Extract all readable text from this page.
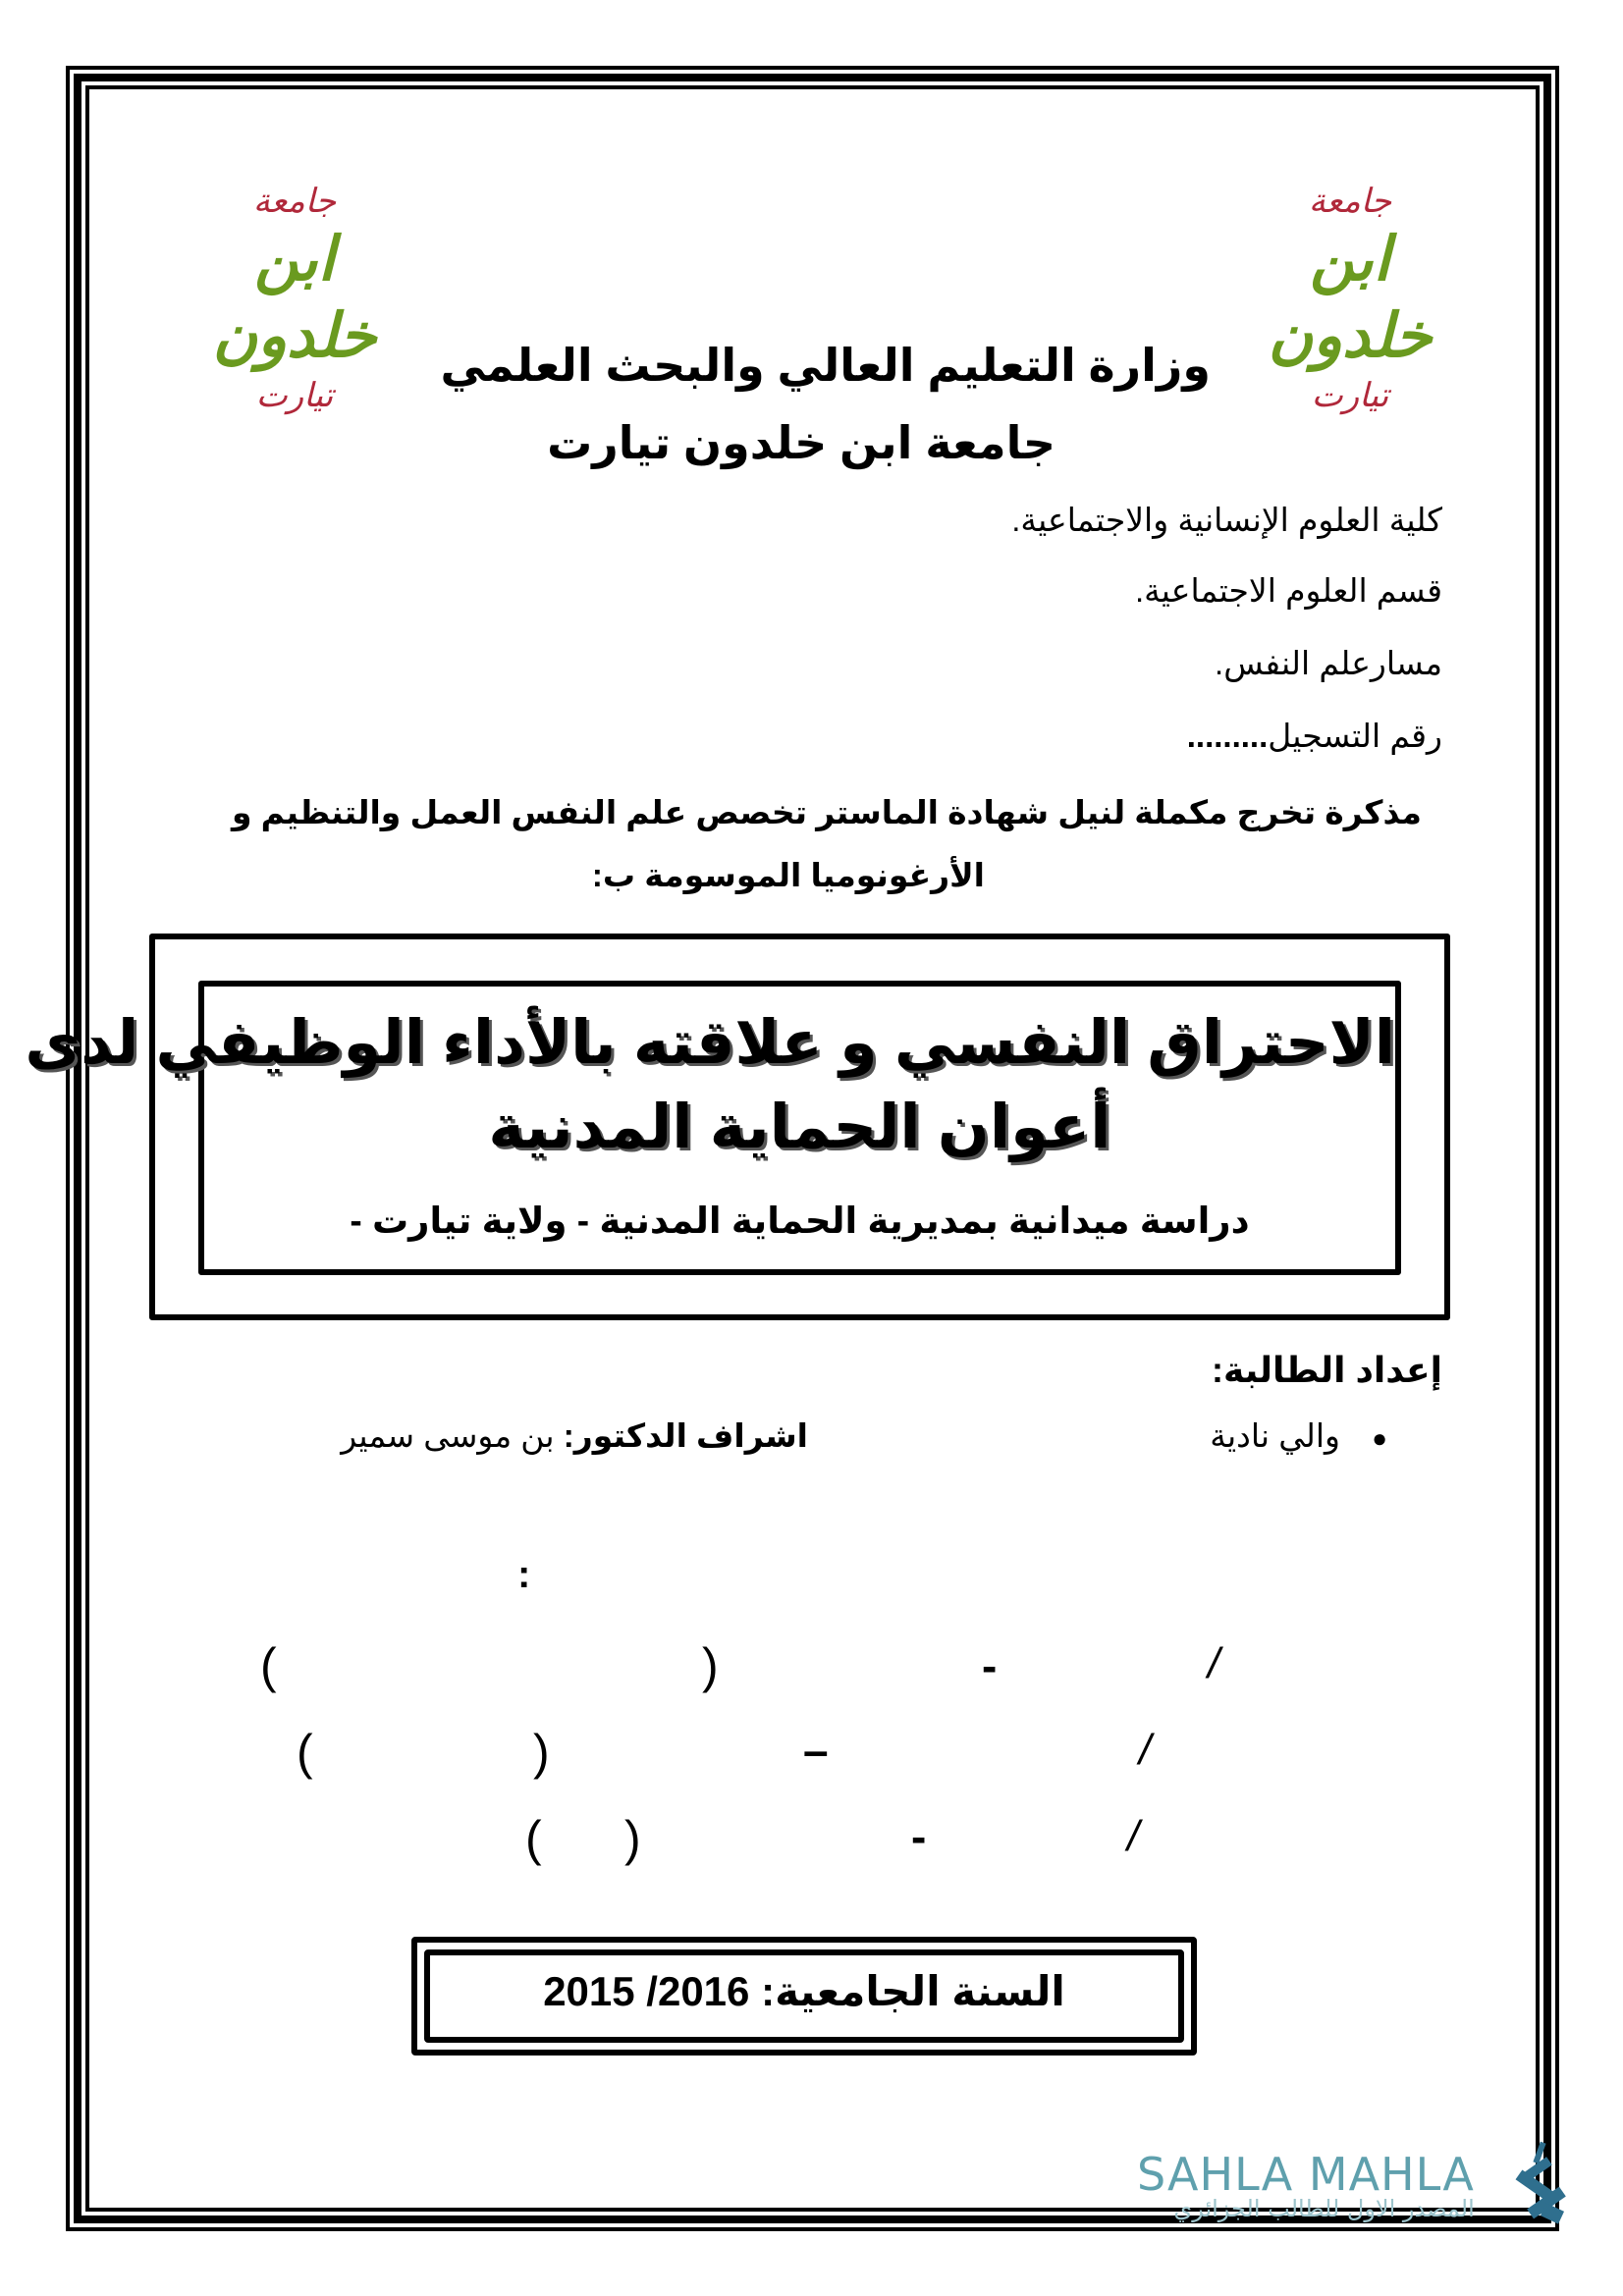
جامعة
ابن خلدون
تيارت
جامعة
ابن خلدون
تيارت
وزارة التعليم العالي والبحث العلمي
جامعة ابن خلدون تيارت
كلية العلوم الإنسانية والاجتماعية.
قسم العلوم الاجتماعية.
مسارعلم النفس.
رقم التسجيل.........
مذكرة تخرج مكملة لنيل شهادة الماستر تخصص علم النفس العمل والتنظيم و
الأرغونوميا الموسومة ب:
الاحتراق النفسي و علاقته بالأداء الوظيفي لدى
أعوان الحماية المدنية
دراسة ميدانية بمديرية الحماية المدنية - ولاية تيارت -
إعداد الطالبة:
●  والي نادية
اشراف الدكتور: بن موسى سمير
:
/
-
)
(
/
–
)
(
/
-
)
(
السنة الجامعية: 2015 /2016
SAHLA MAHLA
المصدر الاول للطالب الجزائري
